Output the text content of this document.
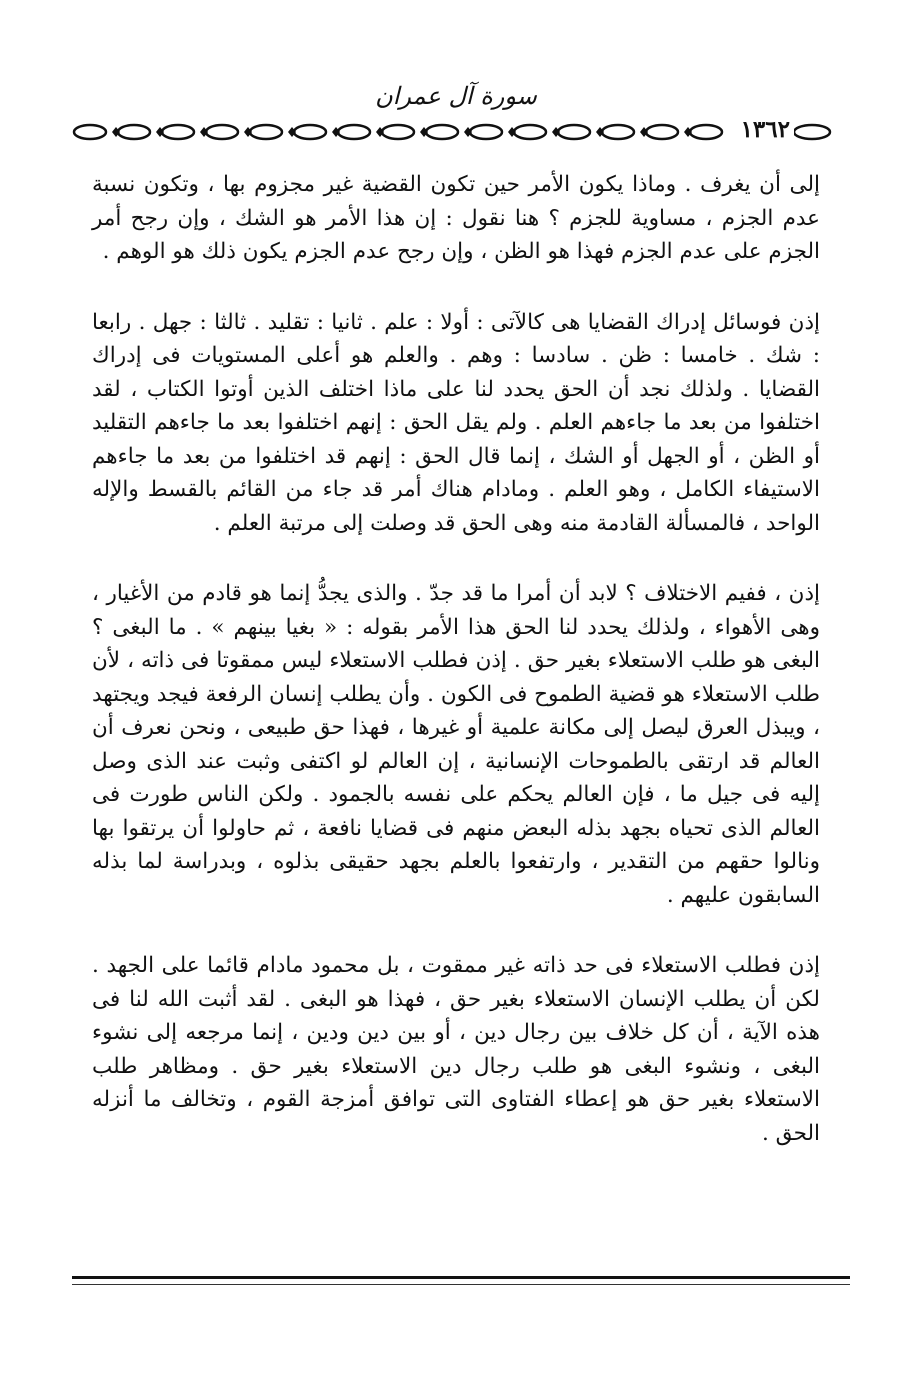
سورة آل عمران
١٣٦٢

إلى أن يغرف . وماذا يكون الأمر حين تكون القضية غير مجزوم بها ، وتكون نسبة عدم الجزم ، مساوية للجزم ؟ هنا نقول : إن هذا الأمر هو الشك ، وإن رجح أمر الجزم على عدم الجزم فهذا هو الظن ، وإن رجح عدم الجزم يكون ذلك هو الوهم .

إذن فوسائل إدراك القضايا هى كالآتى : أولا : علم . ثانيا : تقليد . ثالثا : جهل . رابعا : شك . خامسا : ظن . سادسا : وهم . والعلم هو أعلى المستويات فى إدراك القضايا . ولذلك نجد أن الحق يحدد لنا على ماذا اختلف الذين أوتوا الكتاب ، لقد اختلفوا من بعد ما جاءهم العلم . ولم يقل الحق : إنهم اختلفوا بعد ما جاءهم التقليد أو الظن ، أو الجهل أو الشك ، إنما قال الحق : إنهم قد اختلفوا من بعد ما جاءهم الاستيفاء الكامل ، وهو العلم . ومادام هناك أمر قد جاء من القائم بالقسط والإله الواحد ، فالمسألة القادمة منه وهى الحق قد وصلت إلى مرتبة العلم .

إذن ، ففيم الاختلاف ؟ لابد أن أمرا ما قد جدّ . والذى يجدُّ إنما هو قادم من الأغيار ، وهى الأهواء ، ولذلك يحدد لنا الحق هذا الأمر بقوله : « بغيا بينهم » . ما البغى ؟ البغى هو طلب الاستعلاء بغير حق . إذن فطلب الاستعلاء ليس ممقوتا فى ذاته ، لأن طلب الاستعلاء هو قضية الطموح فى الكون . وأن يطلب إنسان الرفعة فيجد ويجتهد ، ويبذل العرق ليصل إلى مكانة علمية أو غيرها ، فهذا حق طبيعى ، ونحن نعرف أن العالم قد ارتقى بالطموحات الإنسانية ، إن العالم لو اكتفى وثبت عند الذى وصل إليه فى جيل ما ، فإن العالم يحكم على نفسه بالجمود . ولكن الناس طورت فى العالم الذى تحياه بجهد بذله البعض منهم فى قضايا نافعة ، ثم حاولوا أن يرتقوا بها ونالوا حقهم من التقدير ، وارتفعوا بالعلم بجهد حقيقى بذلوه ، وبدراسة لما بذله السابقون عليهم .

إذن فطلب الاستعلاء فى حد ذاته غير ممقوت ، بل محمود مادام قائما على الجهد . لكن أن يطلب الإنسان الاستعلاء بغير حق ، فهذا هو البغى . لقد أثبت الله لنا فى هذه الآية ، أن كل خلاف بين رجال دين ، أو بين دين ودين ، إنما مرجعه إلى نشوء البغى ، ونشوء البغى هو طلب رجال دين الاستعلاء بغير حق . ومظاهر طلب الاستعلاء بغير حق هو إعطاء الفتاوى التى توافق أمزجة القوم ، وتخالف ما أنزله الحق .
